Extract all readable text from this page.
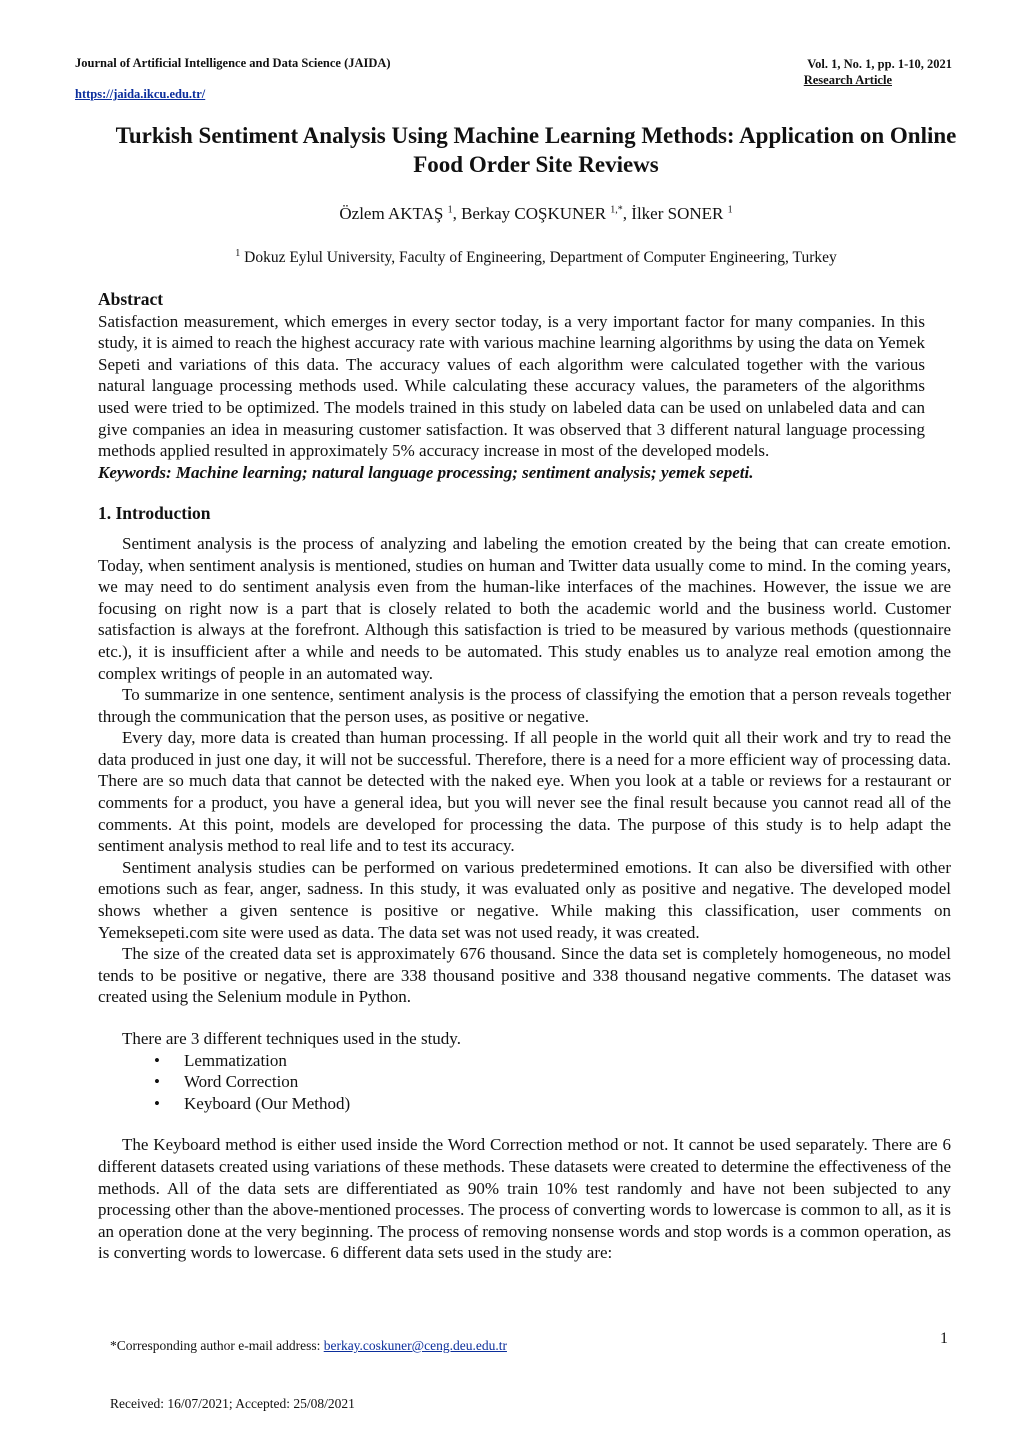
Journal of Artificial Intelligence and Data Science (JAIDA)	Vol. 1, No. 1, pp. 1-10, 2021
Research Article
https://jaida.ikcu.edu.tr/
Turkish Sentiment Analysis Using Machine Learning Methods: Application on Online Food Order Site Reviews
Özlem AKTAŞ $^1$, Berkay COŞKUNER $^{1,*}$, İlker SONER $^1$
$^1$ Dokuz Eylul University, Faculty of Engineering, Department of Computer Engineering, Turkey
Abstract

Satisfaction measurement, which emerges in every sector today, is a very important factor for many companies. In this study, it is aimed to reach the highest accuracy rate with various machine learning algorithms by using the data on Yemek Sepeti and variations of this data. The accuracy values of each algorithm were calculated together with the various natural language processing methods used. While calculating these accuracy values, the parameters of the algorithms used were tried to be optimized. The models trained in this study on labeled data can be used on unlabeled data and can give companies an idea in measuring customer satisfaction. It was observed that 3 different natural language processing methods applied resulted in approximately 5% accuracy increase in most of the developed models.

Keywords: Machine learning; natural language processing; sentiment analysis; yemek sepeti.

1. Introduction

Sentiment analysis is the process of analyzing and labeling the emotion created by the being that can create emotion. Today, when sentiment analysis is mentioned, studies on human and Twitter data usually come to mind. In the coming years, we may need to do sentiment analysis even from the human-like interfaces of the machines. However, the issue we are focusing on right now is a part that is closely related to both the academic world and the business world. Customer satisfaction is always at the forefront. Although this satisfaction is tried to be measured by various methods (questionnaire etc.), it is insufficient after a while and needs to be automated. This study enables us to analyze real emotion among the complex writings of people in an automated way.

To summarize in one sentence, sentiment analysis is the process of classifying the emotion that a person reveals together through the communication that the person uses, as positive or negative.

Every day, more data is created than human processing. If all people in the world quit all their work and try to read the data produced in just one day, it will not be successful. Therefore, there is a need for a more efficient way of processing data. There are so much data that cannot be detected with the naked eye. When you look at a table or reviews for a restaurant or comments for a product, you have a general idea, but you will never see the final result because you cannot read all of the comments. At this point, models are developed for processing the data. The purpose of this study is to help adapt the sentiment analysis method to real life and to test its accuracy.

Sentiment analysis studies can be performed on various predetermined emotions. It can also be diversified with other emotions such as fear, anger, sadness. In this study, it was evaluated only as positive and negative. The developed model shows whether a given sentence is positive or negative. While making this classification, user comments on Yemeksepeti.com site were used as data. The data set was not used ready, it was created.

The size of the created data set is approximately 676 thousand. Since the data set is completely homogeneous, no model tends to be positive or negative, there are 338 thousand positive and 338 thousand negative comments. The dataset was created using the Selenium module in Python.

There are 3 different techniques used in the study.

• Lemmatization
• Word Correction
• Keyboard (Our Method)

The Keyboard method is either used inside the Word Correction method or not. It cannot be used separately. There are 6 different datasets created using variations of these methods. These datasets were created to determine the effectiveness of the methods. All of the data sets are differentiated as 90% train 10% test randomly and have not been subjected to any processing other than the above-mentioned processes. The process of converting words to lowercase is common to all, as it is an operation done at the very beginning. The process of removing nonsense words and stop words is a common operation, as is converting words to lowercase. 6 different data sets used in the study are:

1
*Corresponding author e-mail address: berkay.coskuner@ceng.deu.edu.tr
Received: 16/07/2021; Accepted: 25/08/2021
